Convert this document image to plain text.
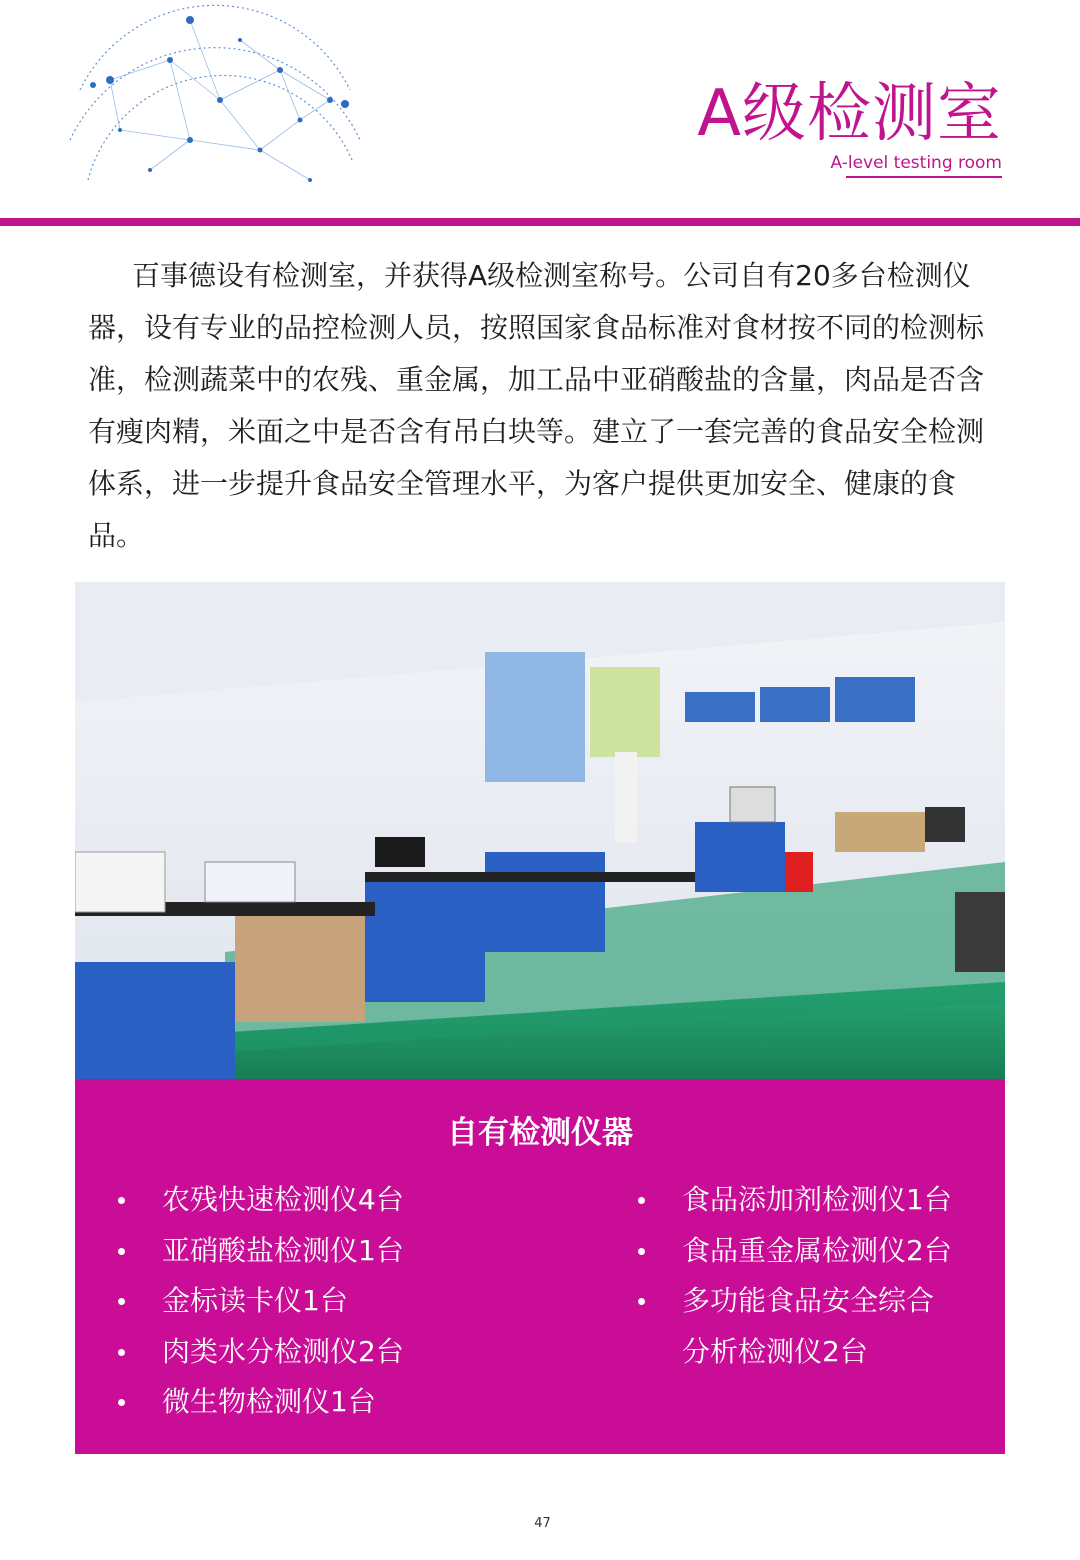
A级检测室
A-level testing room

百事德设有检测室，并获得A级检测室称号。公司自有20多台检测仪器，设有专业的品控检测人员，按照国家食品标准对食材按不同的检测标准，检测蔬菜中的农残、重金属，加工品中亚硝酸盐的含量，肉品是否含有瘦肉精，米面之中是否含有吊白块等。建立了一套完善的食品安全检测体系，进一步提升食品安全管理水平，为客户提供更加安全、健康的食品。

自有检测仪器
农残快速检测仪4台
亚硝酸盐检测仪1台
金标读卡仪1台
肉类水分检测仪2台
微生物检测仪1台
食品添加剂检测仪1台
食品重金属检测仪2台
多功能食品安全综合
分析检测仪2台
47
